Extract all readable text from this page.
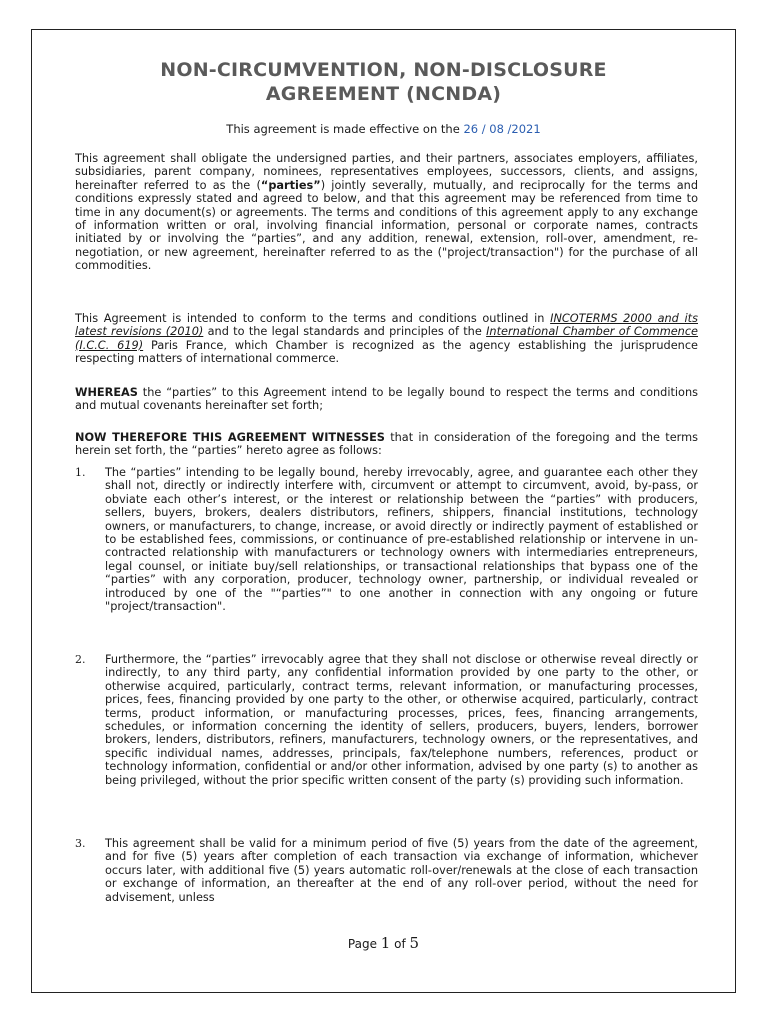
NON-CIRCUMVENTION, NON-DISCLOSURE
AGREEMENT (NCNDA)
This agreement is made effective on the 26 / 08 /2021

This agreement shall obligate the undersigned parties, and their partners, associates employers, affiliates, subsidiaries, parent company, nominees, representatives employees, successors, clients, and assigns, hereinafter referred to as the (“parties”) jointly severally, mutually, and reciprocally for the terms and conditions expressly stated and agreed to below, and that this agreement may be referenced from time to time in any document(s) or agreements. The terms and conditions of this agreement apply to any exchange of information written or oral, involving financial information, personal or corporate names, contracts initiated by or involving the “parties”, and any addition, renewal, extension, roll-over, amendment, re-negotiation, or new agreement, hereinafter referred to as the ("project/transaction") for the purchase of all commodities.

This Agreement is intended to conform to the terms and conditions outlined in INCOTERMS 2000 and its latest revisions (2010) and to the legal standards and principles of the International Chamber of Commence (I.C.C. 619) Paris France, which Chamber is recognized as the agency establishing the jurisprudence respecting matters of international commerce.

WHEREAS the “parties” to this Agreement intend to be legally bound to respect the terms and conditions and mutual covenants hereinafter set forth;

NOW THEREFORE THIS AGREEMENT WITNESSES that in consideration of the foregoing and the terms herein set forth, the “parties” hereto agree as follows:

1. The “parties” intending to be legally bound, hereby irrevocably, agree, and guarantee each other they shall not, directly or indirectly interfere with, circumvent or attempt to circumvent, avoid, by-pass, or obviate each other’s interest, or the interest or relationship between the “parties” with producers, sellers, buyers, brokers, dealers distributors, refiners, shippers, financial institutions, technology owners, or manufacturers, to change, increase, or avoid directly or indirectly payment of established or to be established fees, commissions, or continuance of pre-established relationship or intervene in un-contracted relationship with manufacturers or technology owners with intermediaries entrepreneurs, legal counsel, or initiate buy/sell relationships, or transactional relationships that bypass one of the “parties” with any corporation, producer, technology owner, partnership, or individual revealed or introduced by one of the "“parties”" to one another in connection with any ongoing or future "project/transaction".
2. Furthermore, the “parties” irrevocably agree that they shall not disclose or otherwise reveal directly or indirectly, to any third party, any confidential information provided by one party to the other, or otherwise acquired, particularly, contract terms, relevant information, or manufacturing processes, prices, fees, financing provided by one party to the other, or otherwise acquired, particularly, contract terms, product information, or manufacturing processes, prices, fees, financing arrangements, schedules, or information concerning the identity of sellers, producers, buyers, lenders, borrower brokers, lenders, distributors, refiners, manufacturers, technology owners, or the representatives, and specific individual names, addresses, principals, fax/telephone numbers, references, product or technology information, confidential or and/or other information, advised by one party (s) to another as being privileged, without the prior specific written consent of the party (s) providing such information.
3. This agreement shall be valid for a minimum period of five (5) years from the date of the agreement, and for five (5) years after completion of each transaction via exchange of information, whichever occurs later, with additional five (5) years automatic roll-over/renewals at the close of each transaction or exchange of information, an thereafter at the end of any roll-over period, without the need for advisement, unless
Page 1 of 5
